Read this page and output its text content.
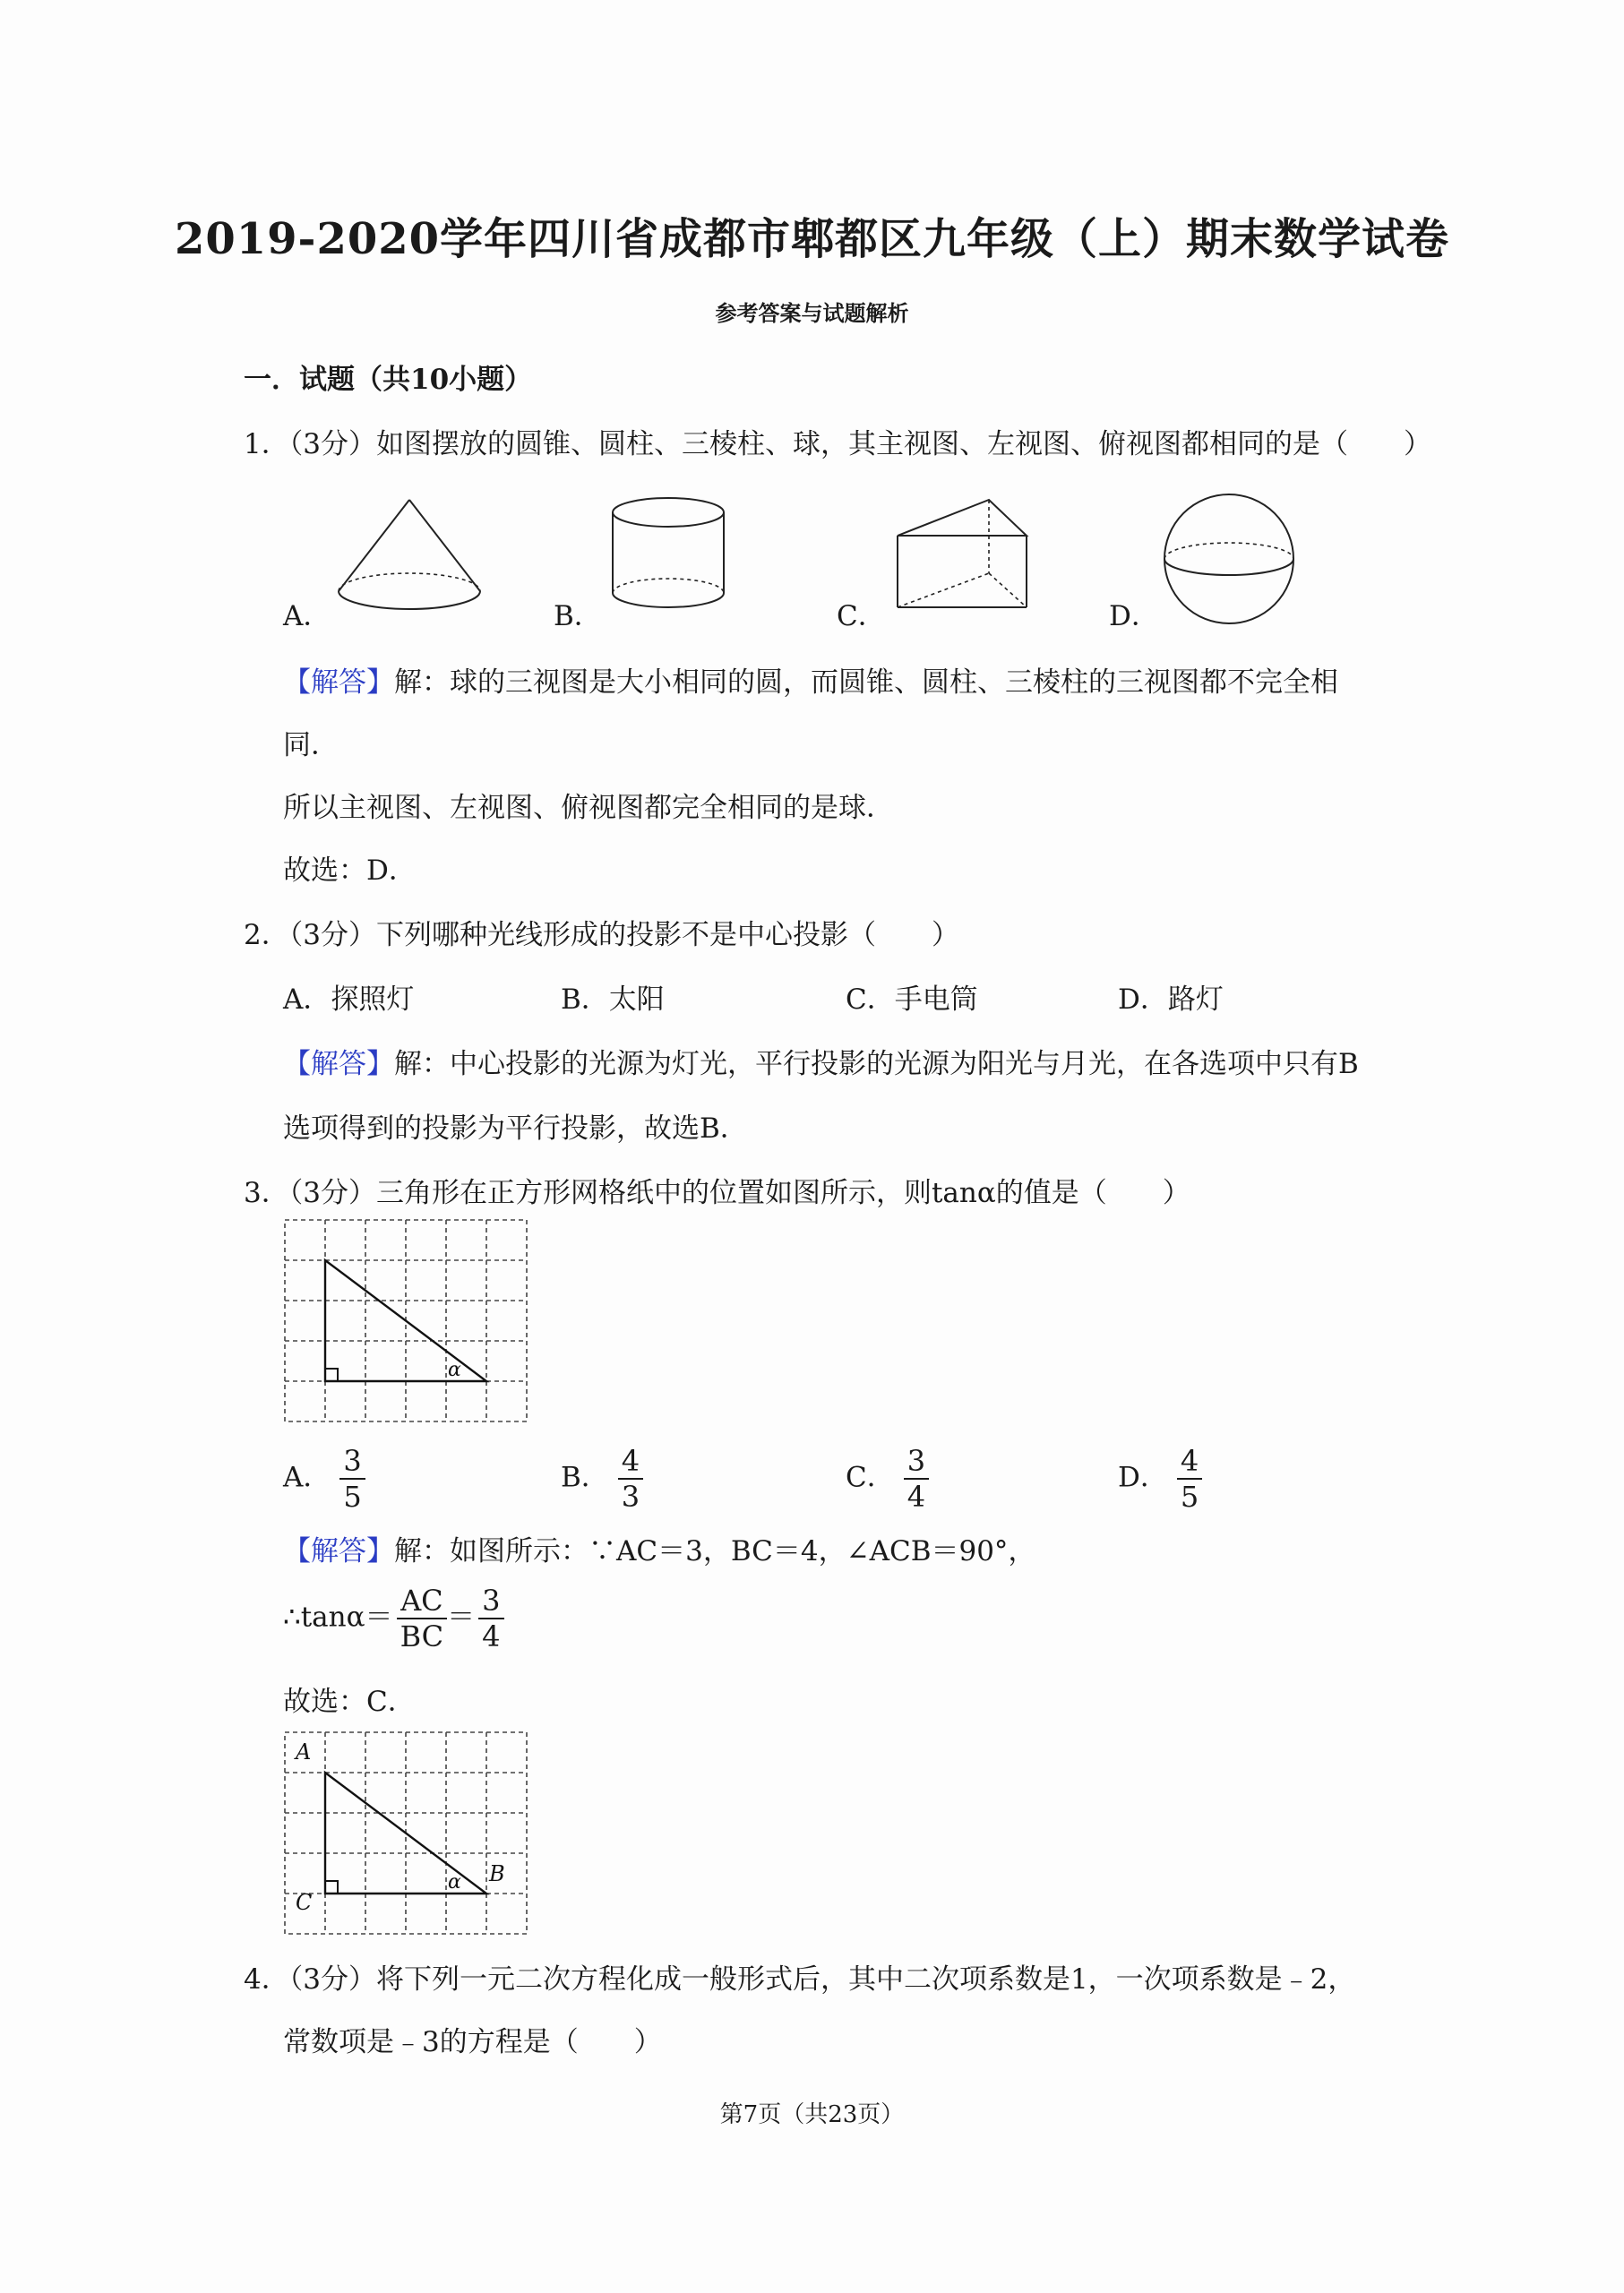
2019-2020学年四川省成都市郫都区九年级（上）期末数学试卷
参考答案与试题解析
一．试题（共10小题）
1．（3分）如图摆放的圆锥、圆柱、三棱柱、球，其主视图、左视图、俯视图都相同的是（　　）
A．	B．	C．	D．
【解答】解：球的三视图是大小相同的圆，而圆锥、圆柱、三棱柱的三视图都不完全相
同．
所以主视图、左视图、俯视图都完全相同的是球．
故选：D．
2．（3分）下列哪种光线形成的投影不是中心投影（　　）
A．探照灯	B．太阳	C．手电筒	D．路灯
【解答】解：中心投影的光源为灯光，平行投影的光源为阳光与月光，在各选项中只有B
选项得到的投影为平行投影，故选B．
3．（3分）三角形在正方形网格纸中的位置如图所示，则tanα的值是（　　）
α
A． $\frac{3}{5}$	B． $\frac{4}{3}$	C． $\frac{3}{4}$	D． $\frac{4}{5}$
【解答】解：如图所示：∵AC＝3，BC＝4，∠ACB＝90°，
∴tanα＝ $\frac{AC}{BC} = \frac{3}{4}$
故选：C．
A
C
B
α
4．（3分）将下列一元二次方程化成一般形式后，其中二次项系数是1，一次项系数是﹣2，
常数项是﹣3的方程是（　　）
第7页（共23页）
